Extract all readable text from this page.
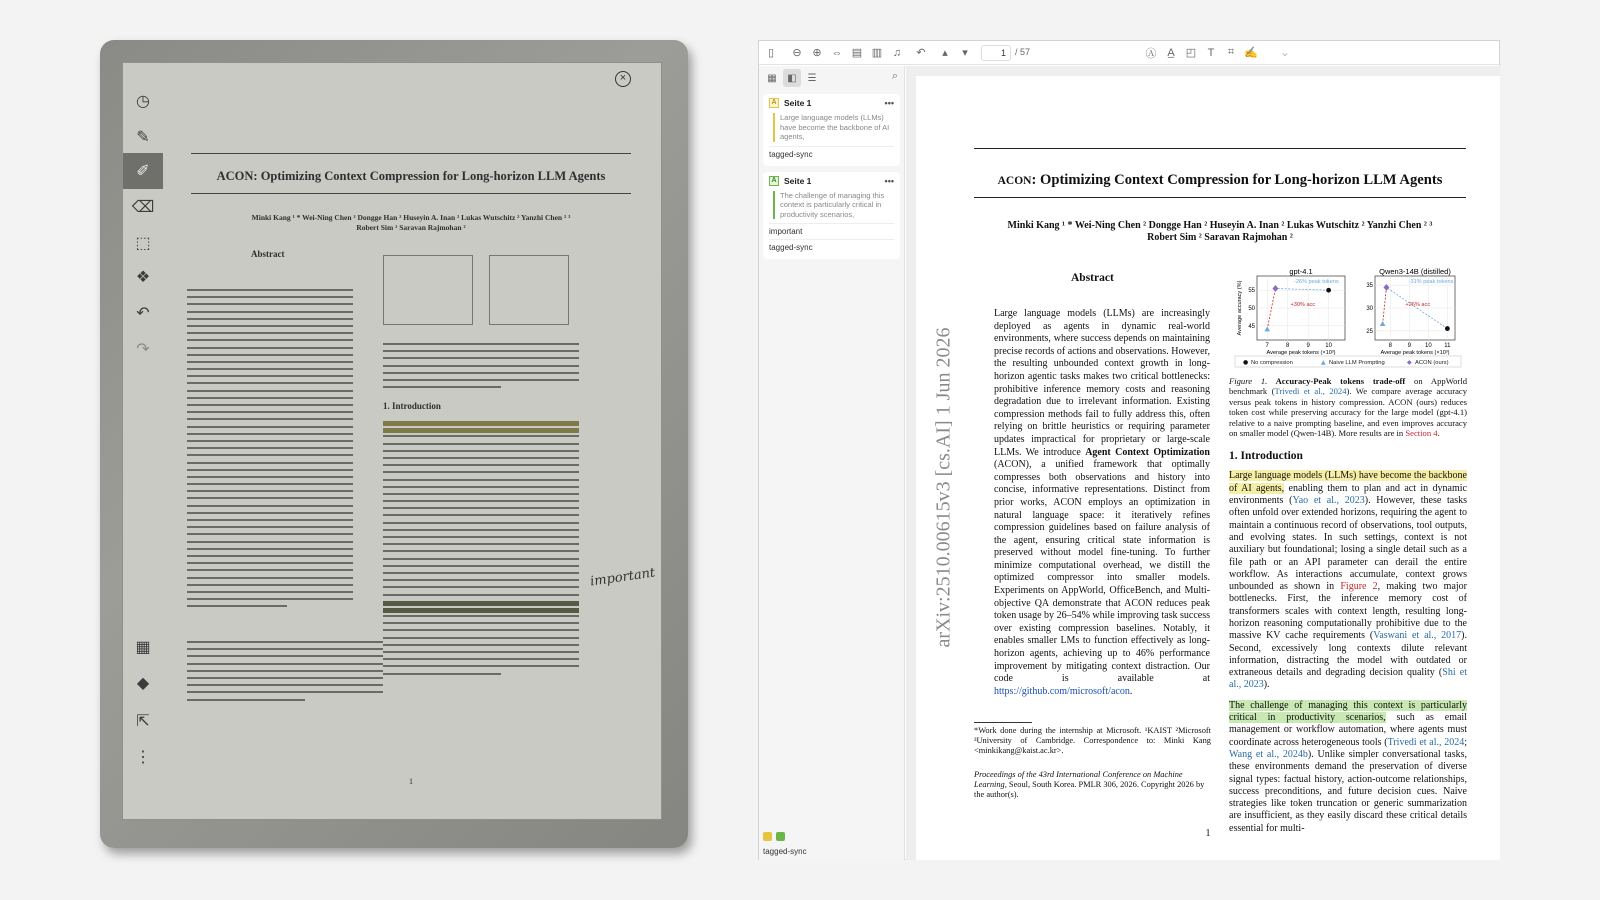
◷
✎
✐
⌫
⬚
❖
↶
↷
▦
◆
⇱
⋮
×
ACON: Optimizing Context Compression for Long-horizon LLM Agents
Minki Kang ¹ * Wei-Ning Chen ² Dongge Han ² Huseyin A. Inan ² Lukas Wutschitz ² Yanzhi Chen ² ³
Robert Sim ² Saravan Rajmohan ²
Abstract
1. Introduction
1
important
▯	⊖ ⊕ ⇔ ▤ ▥ ♫	↶	▴	▾	1	/ 57	Ⓐ A̲	◰	T	⌗ ✍	⌄
▦	◧	☰	⌕
A Seite 1	•••
Large language models (LLMs) have become the backbone of AI agents,
tagged-sync
A Seite 1	•••
The challenge of managing this context is particularly critical in productivity scenarios,
important
tagged-sync
tagged-sync
arXiv:2510.00615v3 [cs.AI] 1 Jun 2026
ACON: Optimizing Context Compression for Long-horizon LLM Agents
Minki Kang ¹ * Wei-Ning Chen ² Dongge Han ² Huseyin A. Inan ² Lukas Wutschitz ² Yanzhi Chen ² ³
Robert Sim ² Saravan Rajmohan ²
Abstract
Large language models (LLMs) are increasingly deployed as agents in dynamic real-world environments, where success depends on maintaining precise records of actions and observations. However, the resulting unbounded context growth in long-horizon agentic tasks makes two critical bottlenecks: prohibitive inference memory costs and reasoning degradation due to irrelevant information. Existing compression methods fail to fully address this, often relying on brittle heuristics or requiring parameter updates impractical for proprietary or large-scale LLMs. We introduce Agent Context Optimization (ACON), a unified framework that optimally compresses both observations and history into concise, informative representations. Distinct from prior works, ACON employs an optimization in natural language space: it iteratively refines compression guidelines based on failure analysis of the agent, ensuring critical state information is preserved without model fine-tuning. To further minimize computational overhead, we distill the optimized compressor into smaller models. Experiments on AppWorld, OfficeBench, and Multi-objective QA demonstrate that ACON reduces peak token usage by 26–54% while improving task success over existing compression baselines. Notably, it enables smaller LMs to function effectively as long-horizon agents, achieving up to 46% performance improvement by mitigating context distraction. Our code is available at https://github.com/microsoft/acon.
*Work done during the internship at Microsoft. ¹KAIST ²Microsoft ³University of Cambridge. Correspondence to: Minki Kang <minkikang@kaist.ac.kr>.
Proceedings of the 43rd International Conference on Machine Learning, Seoul, South Korea. PMLR 306, 2026. Copyright 2026 by the author(s).
gpt-4.1
7	8	9	10
45
50
55
Average peak tokens (×10³)
Average accuracy (%)	-26% peak tokens
+30% acc
Qwen3-14B (distilled)
8	9 10 11
25
30
35
Average peak tokens (×10³)
-31% peak tokens
+26% acc
● No compression	▲ Naive LLM Prompting	◆ ACON (ours)
Figure 1. Accuracy-Peak tokens trade-off on AppWorld benchmark (Trivedi et al., 2024). We compare average accuracy versus peak tokens in history compression. ACON (ours) reduces token cost while preserving accuracy for the large model (gpt-4.1) relative to a naive prompting baseline, and even improves accuracy on smaller model (Qwen-14B). More results are in Section 4.
1. Introduction
Large language models (LLMs) have become the backbone of AI agents, enabling them to plan and act in dynamic environments (Yao et al., 2023). However, these tasks often unfold over extended horizons, requiring the agent to maintain a continuous record of observations, tool outputs, and evolving states. In such settings, context is not auxiliary but foundational; losing a single detail such as a file path or an API parameter can derail the entire workflow. As interactions accumulate, context grows unbounded as shown in Figure 2, making two major bottlenecks. First, the inference memory cost of transformers scales with context length, resulting long-horizon reasoning computationally prohibitive due to the massive KV cache requirements (Vaswani et al., 2017). Second, excessively long contexts dilute relevant information, distracting the model with outdated or extraneous details and degrading decision quality (Shi et al., 2023).
The challenge of managing this context is particularly critical in productivity scenarios, such as email management or workflow automation, where agents must coordinate across heterogeneous tools (Trivedi et al., 2024; Wang et al., 2024b). Unlike simpler conversational tasks, these environments demand the preservation of diverse signal types: factual history, action-outcome relationships, success preconditions, and future decision cues. Naive strategies like token truncation or generic summarization are insufficient, as they easily discard these critical details essential for multi-
1
